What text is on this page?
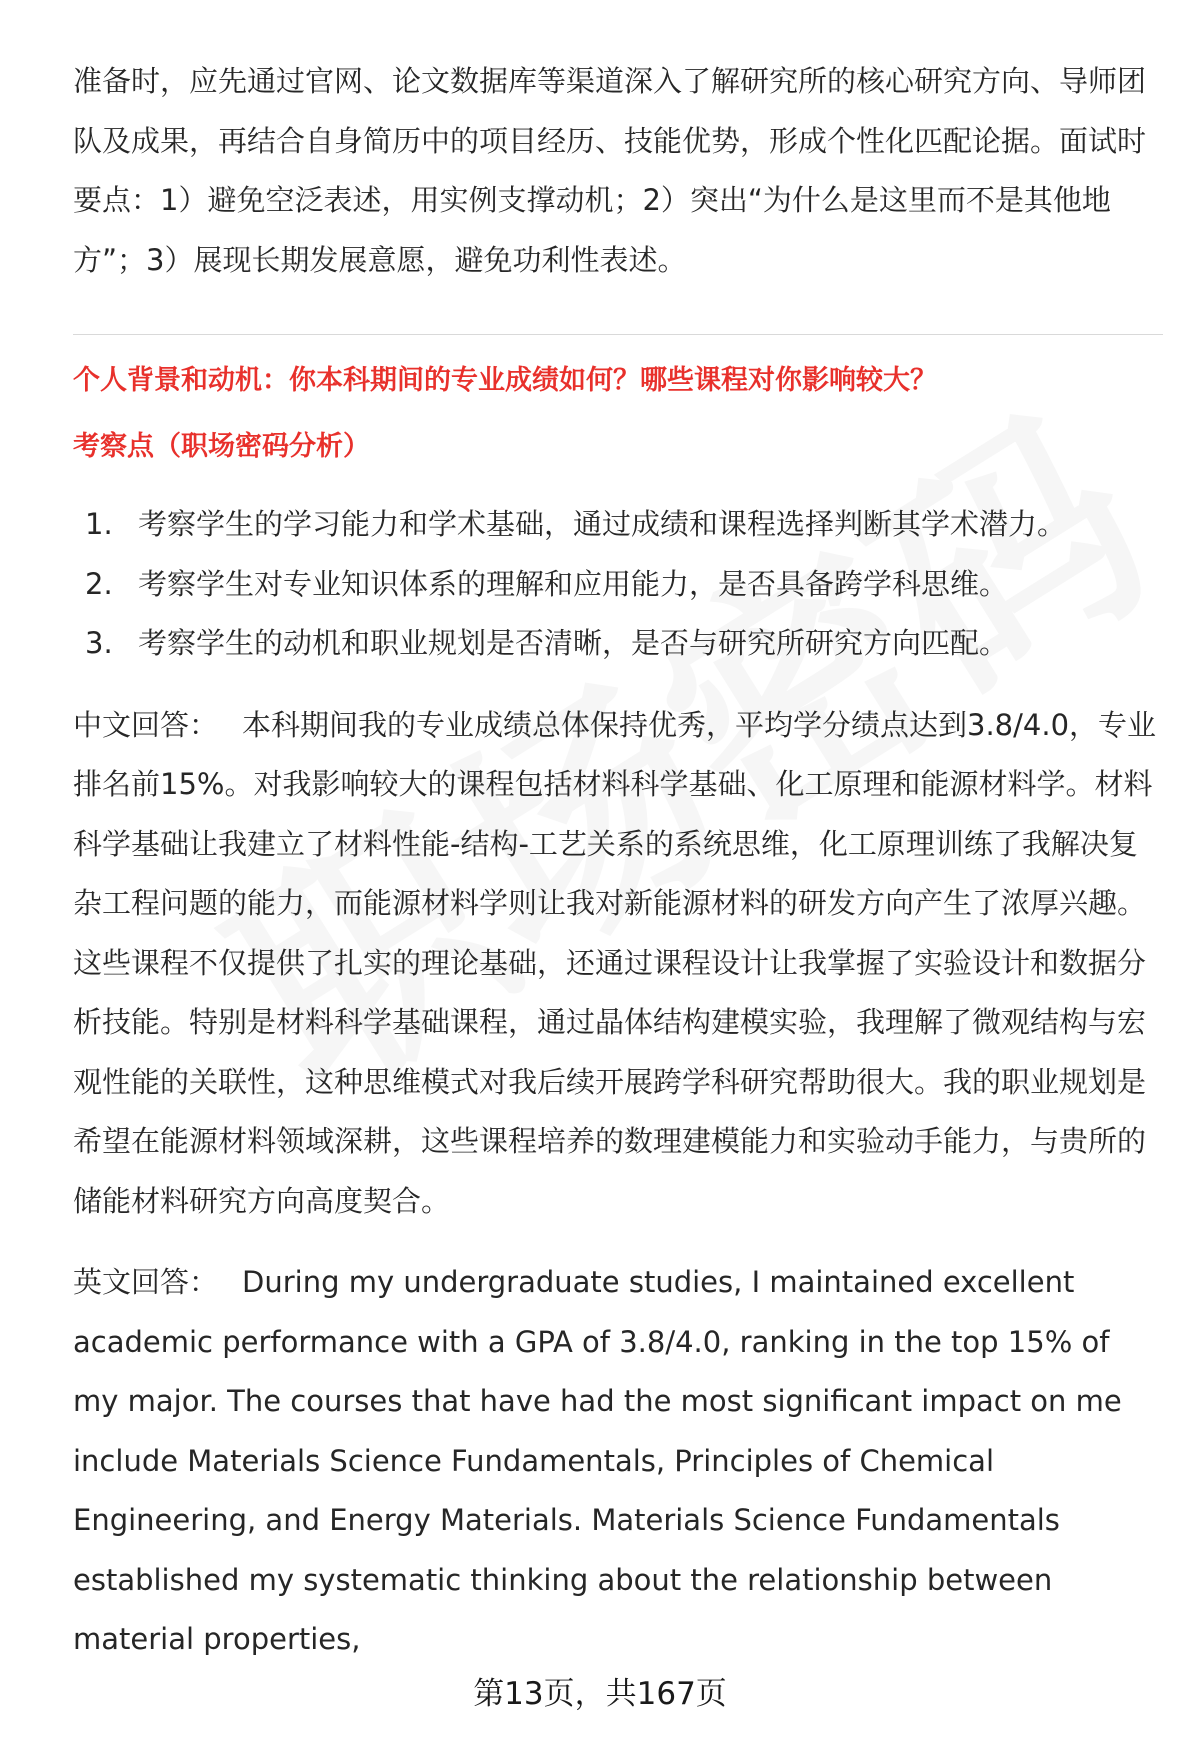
准备时，应先通过官网、论文数据库等渠道深入了解研究所的核心研究方向、导师团队及成果，再结合自身简历中的项目经历、技能优势，形成个性化匹配论据。面试时要点：1）避免空泛表述，用实例支撑动机；2）突出“为什么是这里而不是其他地方”；3）展现长期发展意愿，避免功利性表述。

个人背景和动机：你本科期间的专业成绩如何？哪些课程对你影响较大？
考察点（职场密码分析）
1. 考察学生的学习能力和学术基础，通过成绩和课程选择判断其学术潜力。
2. 考察学生对专业知识体系的理解和应用能力，是否具备跨学科思维。
3. 考察学生的动机和职业规划是否清晰，是否与研究所研究方向匹配。

中文回答： 本科期间我的专业成绩总体保持优秀，平均学分绩点达到3.8/4.0，专业排名前15%。对我影响较大的课程包括材料科学基础、化工原理和能源材料学。材料科学基础让我建立了材料性能-结构-工艺关系的系统思维，化工原理训练了我解决复杂工程问题的能力，而能源材料学则让我对新能源材料的研发方向产生了浓厚兴趣。这些课程不仅提供了扎实的理论基础，还通过课程设计让我掌握了实验设计和数据分析技能。特别是材料科学基础课程，通过晶体结构建模实验，我理解了微观结构与宏观性能的关联性，这种思维模式对我后续开展跨学科研究帮助很大。我的职业规划是希望在能源材料领域深耕，这些课程培养的数理建模能力和实验动手能力，与贵所的储能材料研究方向高度契合。

英文回答： During my undergraduate studies, I maintained excellent academic performance with a GPA of 3.8/4.0, ranking in the top 15% of my major. The courses that have had the most significant impact on me include Materials Science Fundamentals, Principles of Chemical Engineering, and Energy Materials. Materials Science Fundamentals established my systematic thinking about the relationship between material properties,

第13页，共167页
